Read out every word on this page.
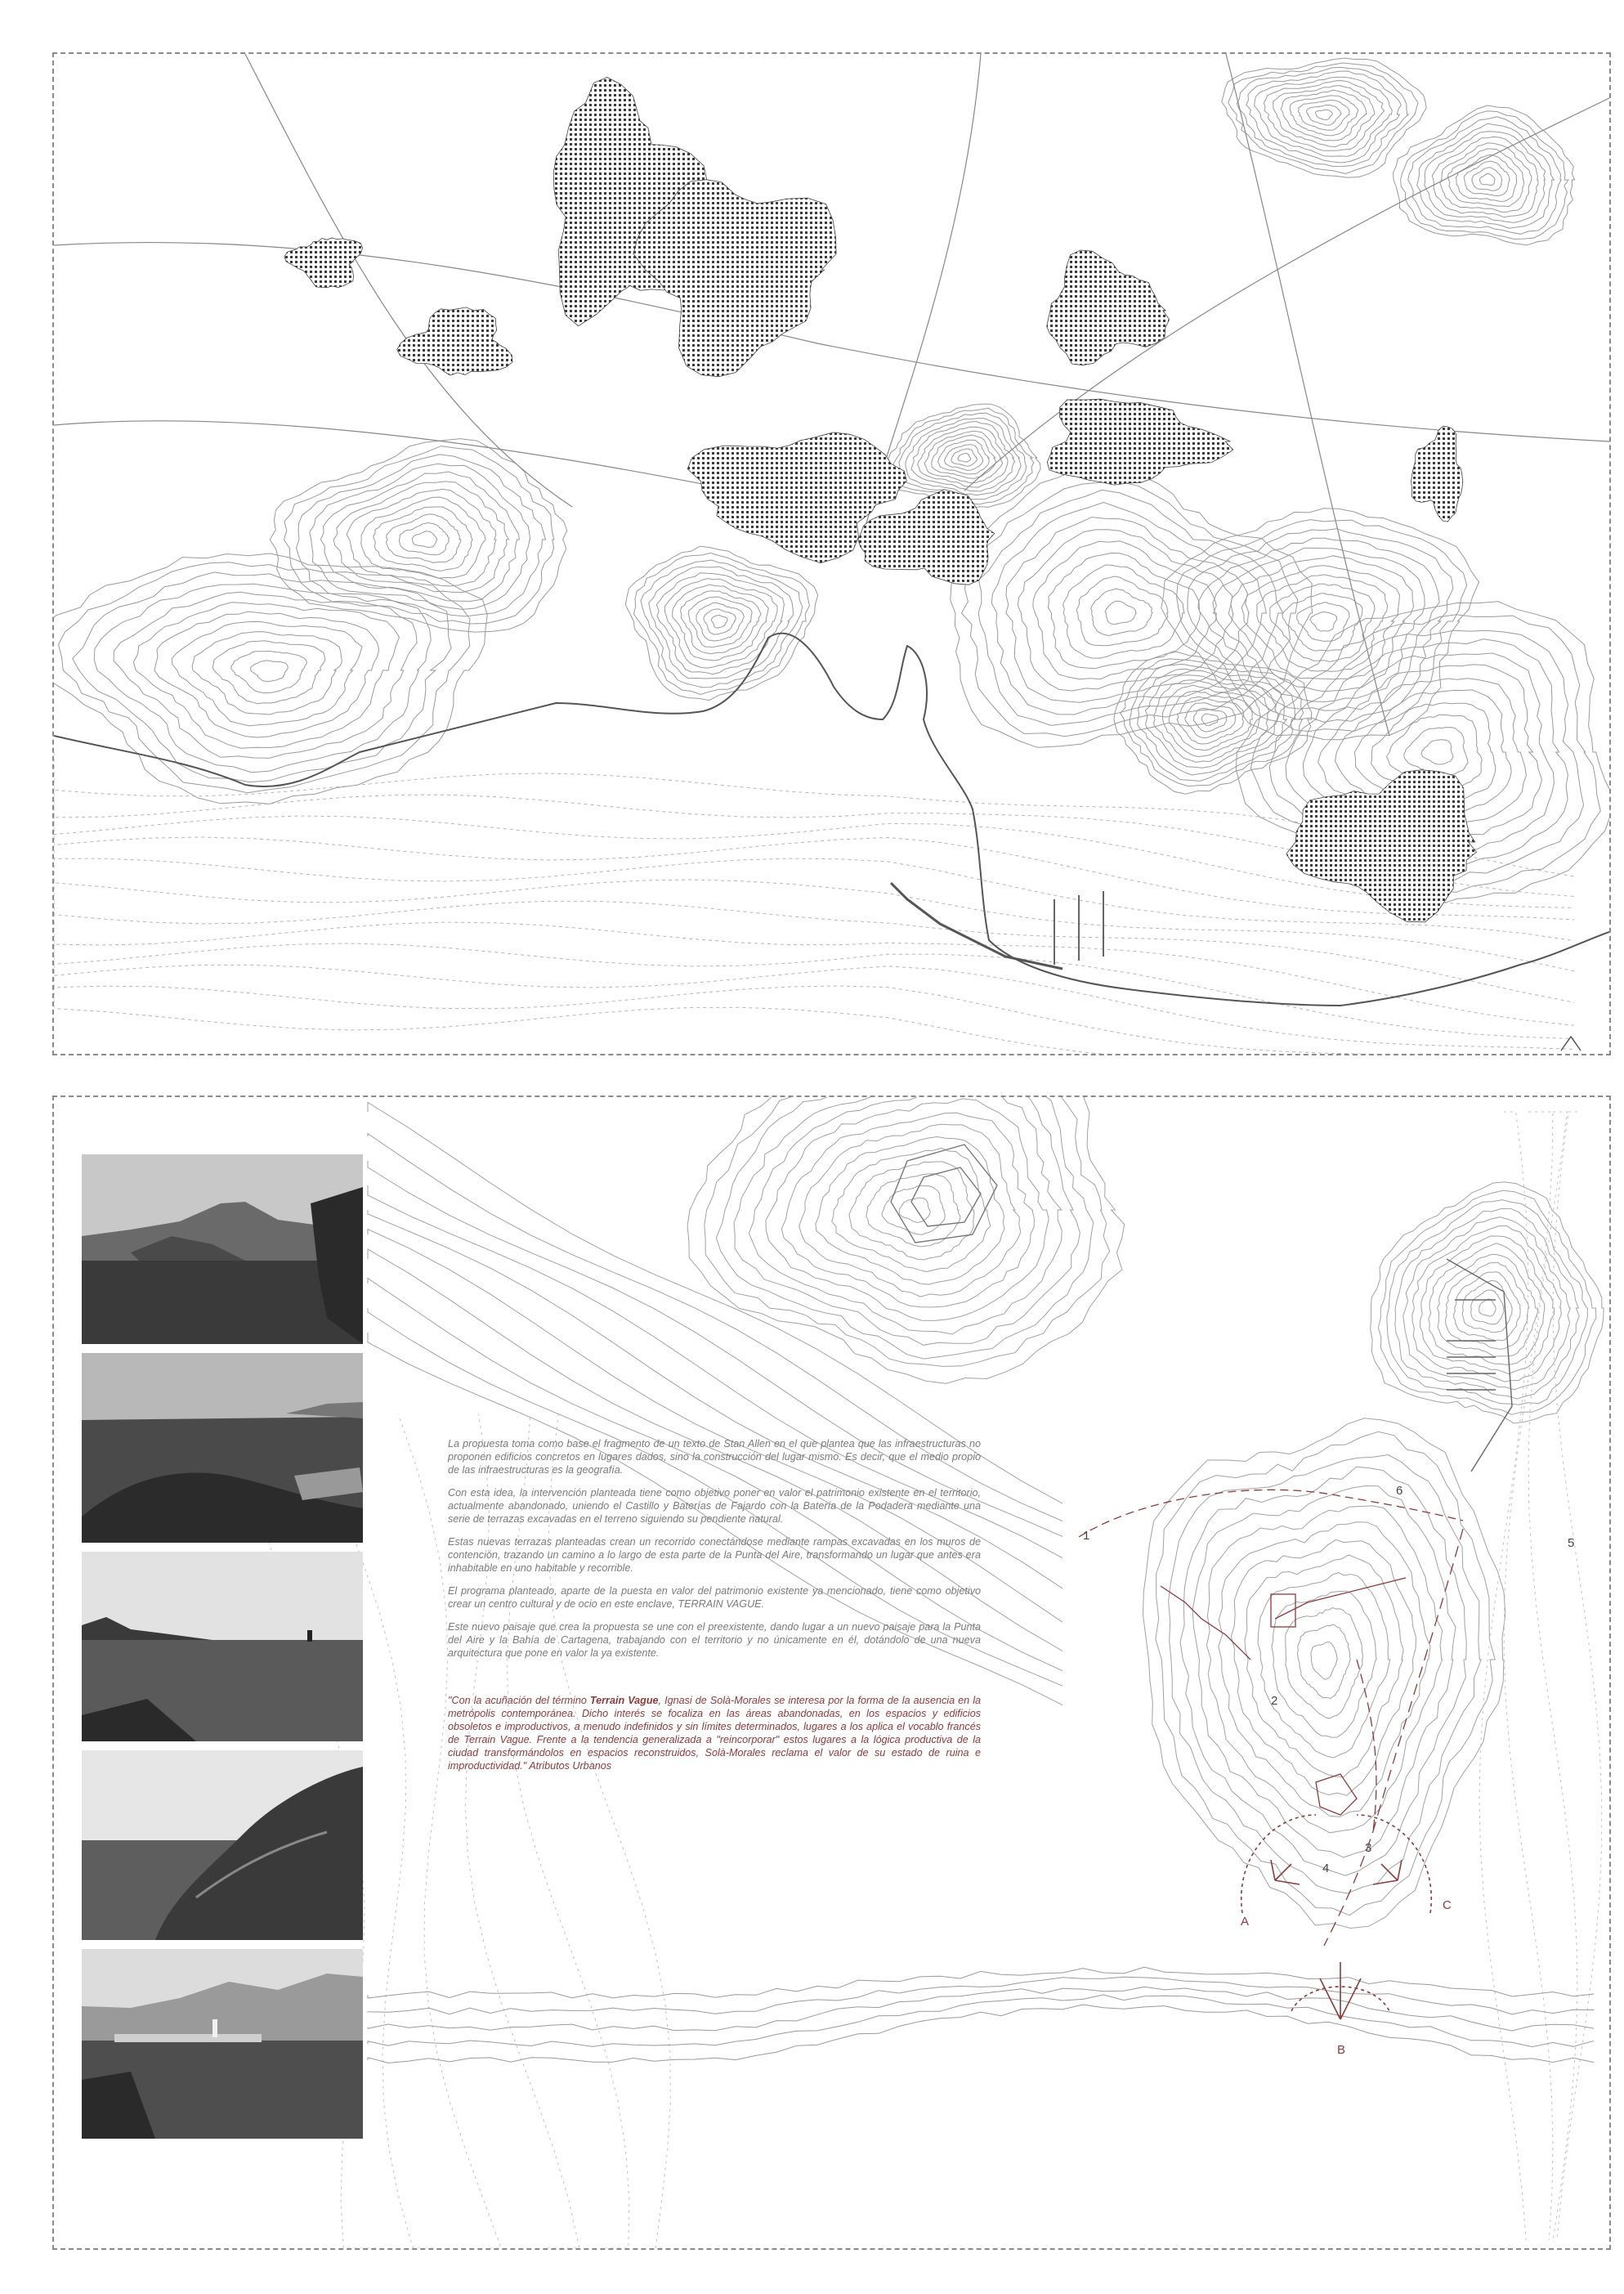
1
2
3
4
5
6
A
B
C

La propuesta toma como base el fragmento de un texto de Stan Allen en el que plantea que las infraestructuras no proponen edificios concretos en lugares dados, sino la construcción del lugar mismo. Es decir, que el medio propio de las infraestructuras es la geografía.

Con esta idea, la intervención planteada tiene como objetivo poner en valor el patrimonio existente en el territorio, actualmente abandonado, uniendo el Castillo y Baterías de Fajardo con la Batería de la Podadera mediante una serie de terrazas excavadas en el terreno siguiendo su pendiente natural.

Estas nuevas terrazas planteadas crean un recorrido conectándose mediante rampas excavadas en los muros de contención, trazando un camino a lo largo de esta parte de la Punta del Aire, transformando un lugar que antes era inhabitable en uno habitable y recorrible.

El programa planteado, aparte de la puesta en valor del patrimonio existente ya mencionado, tiene como objetivo crear un centro cultural y de ocio en este enclave, TERRAIN VAGUE.

Este nuevo paisaje que crea la propuesta se une con el preexistente, dando lugar a un nuevo paisaje para la Punta del Aire y la Bahía de Cartagena, trabajando con el territorio y no únicamente en él, dotándolo de una nueva arquitectura que pone en valor la ya existente.

"Con la acuñación del término Terrain Vague, Ignasi de Solà-Morales se interesa por la forma de la ausencia en la metrópolis contemporánea. Dicho interés se focaliza en las áreas abandonadas, en los espacios y edificios obsoletos e improductivos, a menudo indefinidos y sin límites determinados, lugares a los aplica el vocablo francés de Terrain Vague. Frente a la tendencia generalizada a "reincorporar" estos lugares a la lógica productiva de la ciudad transformándolos en espacios reconstruidos, Solà-Morales reclama el valor de su estado de ruina e improductividad." Atributos Urbanos
